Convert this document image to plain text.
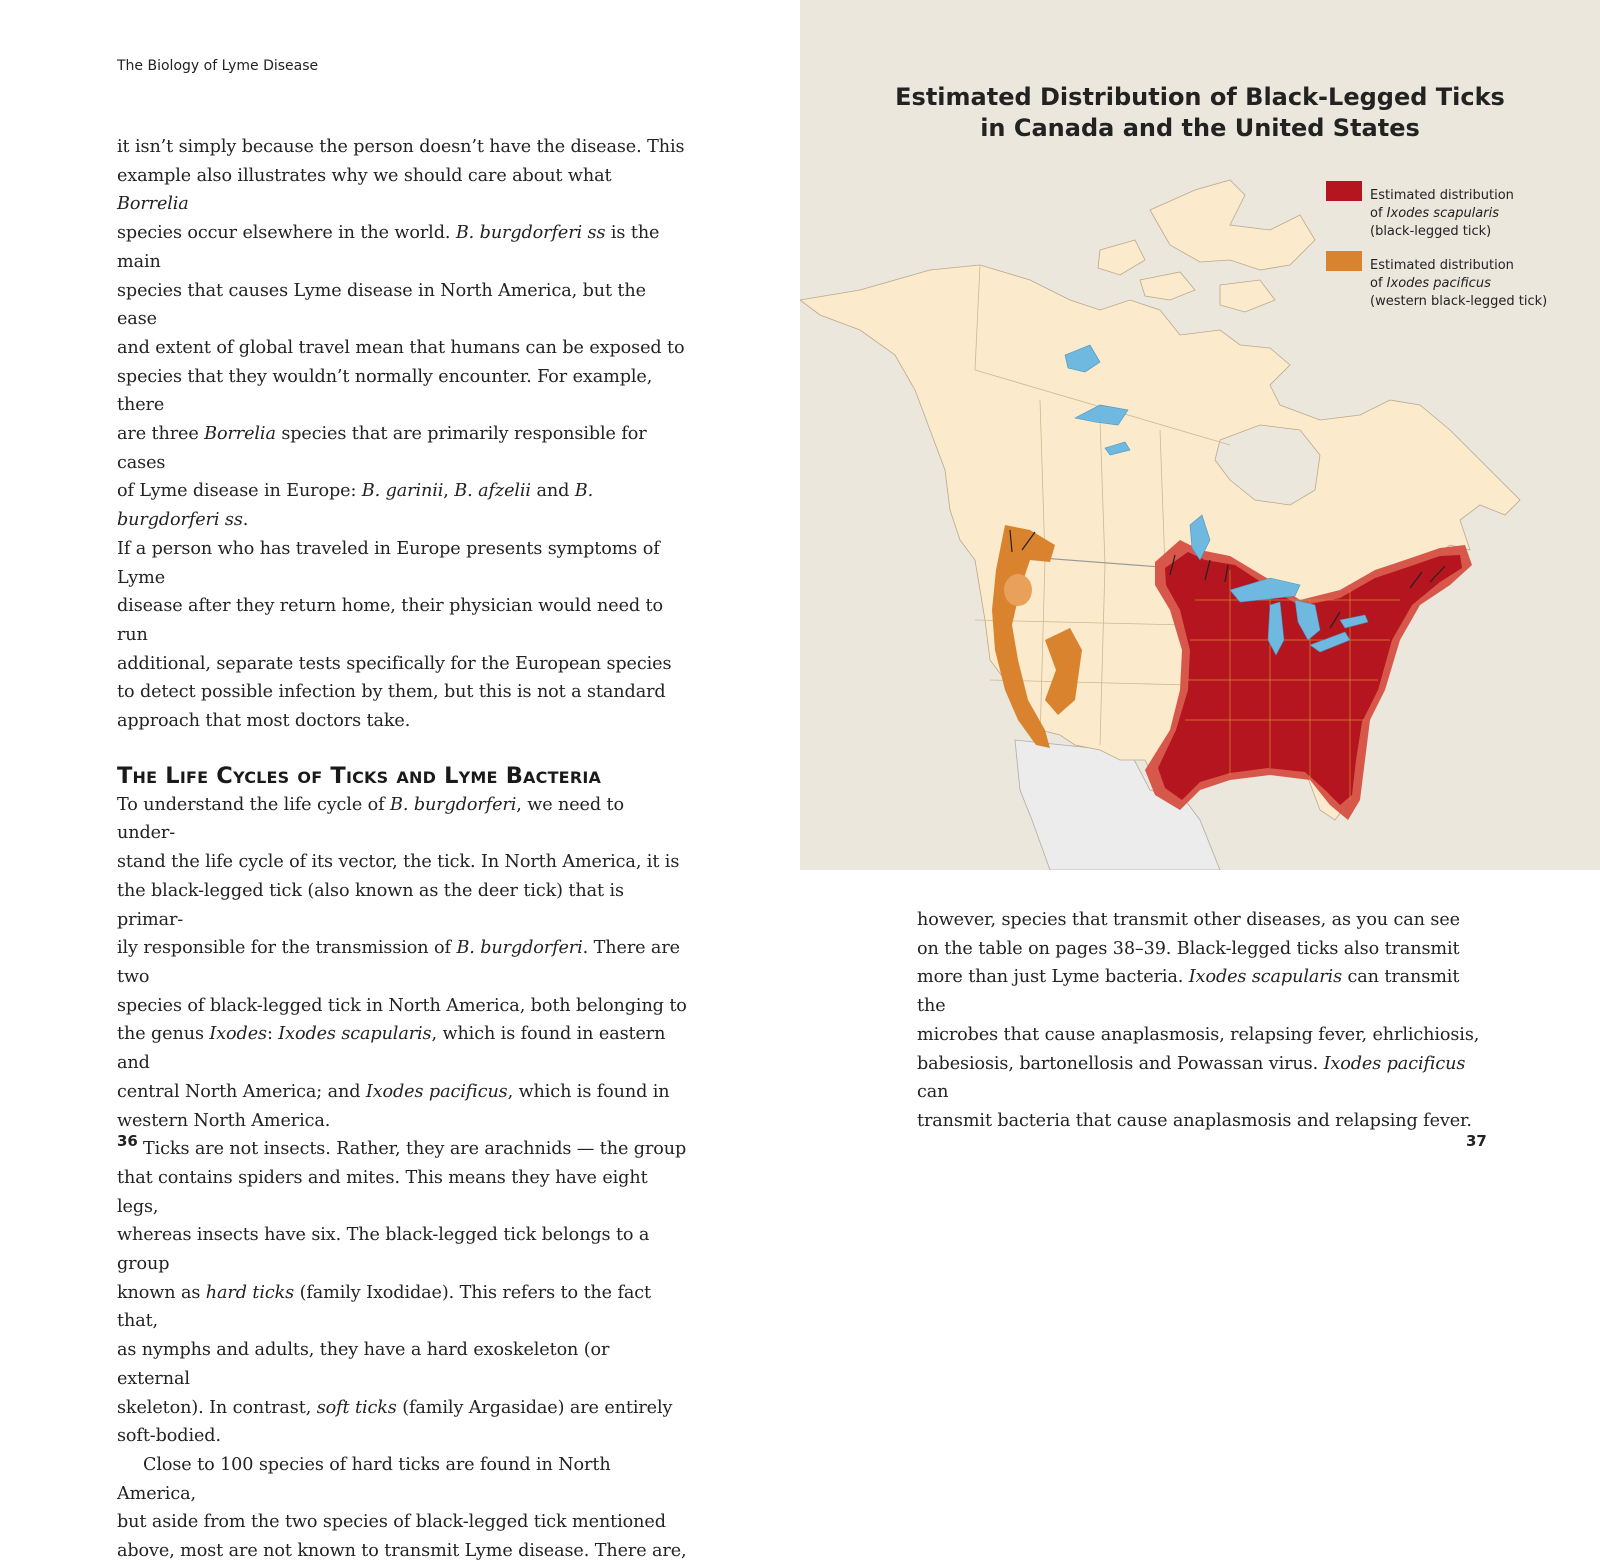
The Biology of Lyme Disease

it isn’t simply because the person doesn’t have the disease. This
example also illustrates why we should care about what Borrelia
species occur elsewhere in the world. B. burgdorferi ss is the main
species that causes Lyme disease in North America, but the ease
and extent of global travel mean that humans can be exposed to
species that they wouldn’t normally encounter. For example, there
are three Borrelia species that are primarily responsible for cases
of Lyme disease in Europe: B. garinii, B. afzelii and B. burgdorferi ss.
If a person who has traveled in Europe presents symptoms of Lyme
disease after they return home, their physician would need to run
additional, separate tests specifically for the European species
to detect possible infection by them, but this is not a standard
approach that most doctors take.

The Life Cycles of Ticks and Lyme Bacteria

To understand the life cycle of B. burgdorferi, we need to under-
stand the life cycle of its vector, the tick. In North America, it is
the black-legged tick (also known as the deer tick) that is primar-
ily responsible for the transmission of B. burgdorferi. There are two
species of black-legged tick in North America, both belonging to
the genus Ixodes: Ixodes scapularis, which is found in eastern and
central North America; and Ixodes pacificus, which is found in
western North America.

Ticks are not insects. Rather, they are arachnids — the group
that contains spiders and mites. This means they have eight legs,
whereas insects have six. The black-legged tick belongs to a group
known as hard ticks (family Ixodidae). This refers to the fact that,
as nymphs and adults, they have a hard exoskeleton (or external
skeleton). In contrast, soft ticks (family Argasidae) are entirely
soft-bodied.

Close to 100 species of hard ticks are found in North America,
but aside from the two species of black-legged tick mentioned
above, most are not known to transmit Lyme disease. There are,

36
Estimated Distribution of Black-Legged Ticks
in Canada and the United States
Estimated distribution
of Ixodes scapularis
(black-legged tick)
Estimated distribution
of Ixodes pacificus
(western black-legged tick)

however, species that transmit other diseases, as you can see
on the table on pages 38–39. Black-legged ticks also transmit
more than just Lyme bacteria. Ixodes scapularis can transmit the
microbes that cause anaplasmosis, relapsing fever, ehrlichiosis,
babesiosis, bartonellosis and Powassan virus. Ixodes pacificus can
transmit bacteria that cause anaplasmosis and relapsing fever.

37
